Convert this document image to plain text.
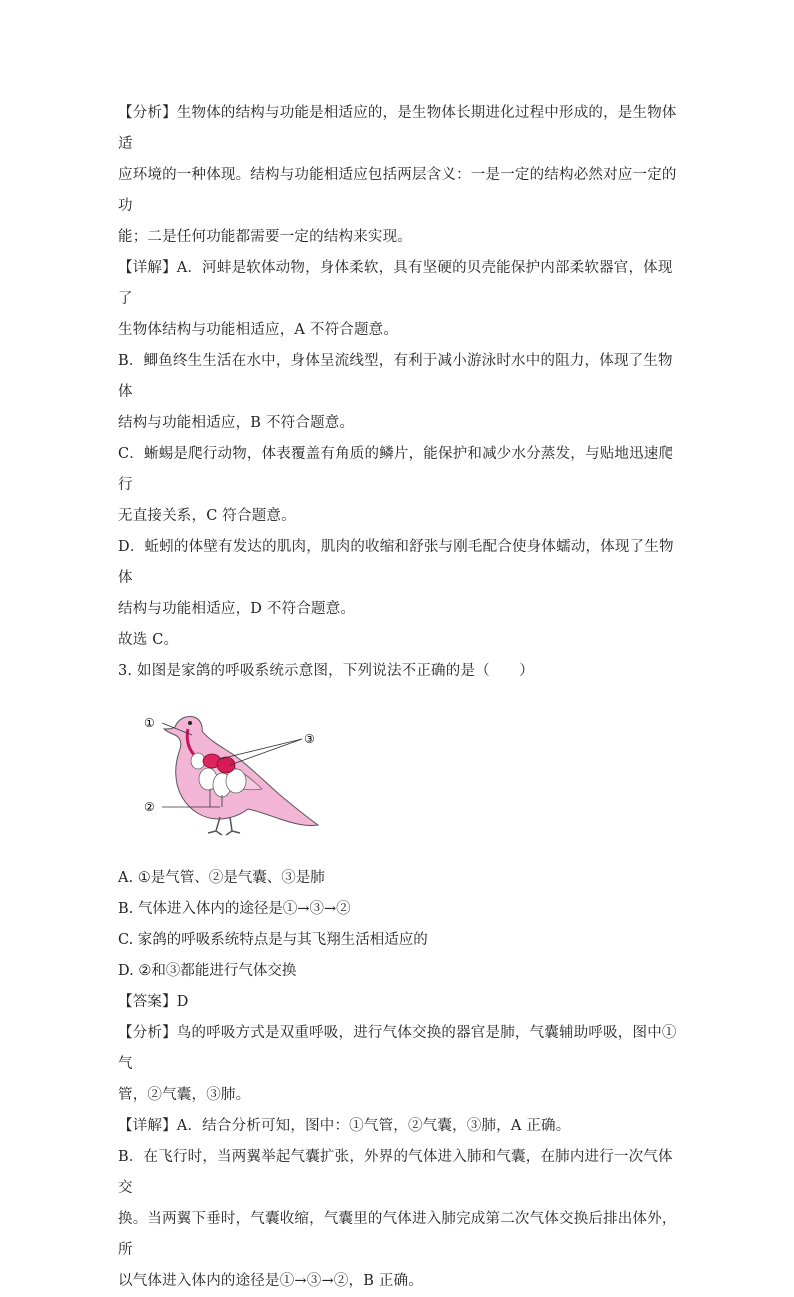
【分析】生物体的结构与功能是相适应的，是生物体长期进化过程中形成的，是生物体适

应环境的一种体现。结构与功能相适应包括两层含义：一是一定的结构必然对应一定的功

能；二是任何功能都需要一定的结构来实现。

【详解】A．河蚌是软体动物，身体柔软，具有坚硬的贝壳能保护内部柔软器官，体现了

生物体结构与功能相适应，A 不符合题意。

B．鲫鱼终生生活在水中，身体呈流线型，有利于减小游泳时水中的阻力，体现了生物体

结构与功能相适应，B 不符合题意。

C．蜥蜴是爬行动物，体表覆盖有角质的鳞片，能保护和减少水分蒸发，与贴地迅速爬行

无直接关系，C 符合题意。

D．蚯蚓的体壁有发达的肌肉，肌肉的收缩和舒张与刚毛配合使身体蠕动，体现了生物体

结构与功能相适应，D 不符合题意。

故选 C。

3. 如图是家鸽的呼吸系统示意图，下列说法不正确的是（　　）

①
②
③

A. ①是气管、②是气囊、③是肺

B. 气体进入体内的途径是①→③→②

C. 家鸽的呼吸系统特点是与其飞翔生活相适应的

D. ②和③都能进行气体交换

【答案】D

【分析】鸟的呼吸方式是双重呼吸，进行气体交换的器官是肺，气囊辅助呼吸，图中①气

管，②气囊，③肺。

【详解】A．结合分析可知，图中：①气管，②气囊，③肺，A 正确。

B．在飞行时，当两翼举起气囊扩张，外界的气体进入肺和气囊，在肺内进行一次气体交

换。当两翼下垂时，气囊收缩，气囊里的气体进入肺完成第二次气体交换后排出体外，所

以气体进入体内的途径是①→③→②，B 正确。
